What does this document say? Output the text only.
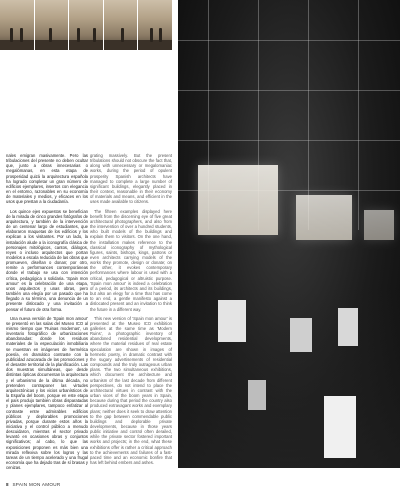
nales emigran masivamente. Pero las tribulaciones del presente no deben ocultar que, junto a obras innecesarias o megalómanas, en esta etapa de prosperidad quizá la arquitectura española ha logrado completar un gran número de edificios ejemplares, insertos con elegancia en el entorno, razonables en su economía de materiales y medios, y eficaces en los usos que prestan a la ciudadanía.

Los quince ejes expuestos se benefician de la mirada de cinco grandes fotógrafos de arquitectura, y también de la intervención de un centenar largo de estudiantes, que elaboraron maquetas de los edificios y los explican a los visitantes. Por un lado, la instalación alude a la iconografía clásica de personajes mitológicos, cantos, diálogos, reyes o incluso arquitectos que portan modelos a escala reducida de las obras que promueven, diseñan o donan; por otro, remite a performances contemporáneas donde el trabajo se usa con intención crítica, pedagógica o solidaria. 'Spain mon amour' es la celebración de una etapa, unos arquitectos y unas obras, pero también una elegía por un pasado que ha llegado a su término, una denuncia de un presente dislocado y una invitación a pensar el futuro de otra forma.

Una nueva versión de 'Spain mon amour' se presentó en las salas del Museo ICO al mismo tiempo que 'Ruinas modernas', un inventario fotográfico de urbanizaciones abandonadas: donde los residuos materiales de la especulación inmobiliaria se muestran en imágenes de hermética poesía, en dramático contraste con la publicidad azucarada de las promociones y el desastre territorial de la planificación. Las dos muestras simultáneas, que desde distintas ópticas documentan la arquitectura y el urbanismo de la última década, no pretenden contraponer las virtudes arquitectónicas y los vicios urbanísticos de la España del boom, porque en este etapa el país produjo también obras disparatadas y planes ejemplares, tampoco enfatizar al contraste entre admirables edificios públicos y deplorables promociones privadas, porque durante estos años la iniciativa y el control público a menudo descuidaron, mientras el sector privado levantó en ocasiones obras y conjuntos significativos; al cabo, lo que las exposiciones proponen es más bien una mirada reflexiva sobre los logros y las tareas de un tiempo acelerado y una frugal economía que ha dejado tras de sí brasas y cenizas.

grating massively. But the present tribulations should not obscure the fact that, along with unnecessary or megalomaniac works, during the period of opulent prosperity Spanish architects have managed to complete a large number of significant buildings, elegantly placed in their context, reasonable in their economy of materials and means, and efficient in the uses made available to citizens.

The fifteen examples displayed here benefit from the discerning eye of five great architectural photographers, and also from the intervention of over a hundred students, who built models of the buildings and explain them to visitors. On the one hand, the installation makes reference to the classical iconography of mythological figures, saints, bishops, kings, patrons or even architects carrying models of the works they promote, design or donate; on the other, it evokes contemporary performances where labour is used with a critical, pedagogical or altruistic purpose. 'Spain mon amour' is indeed a celebration of a period, its architects and its buildings, but also an elegy for a time that has come to an end, a gentle manifesto against a dislocated present and an invitation to think the future in a different way.

This new version of 'Spain mon amour' is presented at the Museo ICO exhibition galleries at the same time as 'Modern Ruins', a photographic inventory of abandoned residential developments, where the material residues of real estate speculation are shown in images of hermetic poetry, in dramatic contrast with the sugary advertisements of residential compounds and the truly outrageous urban plans. The two simultaneous exhibitions, which document the architecture and urbanism of the last decade from different perspectives, do not intend to place the architectural virtues in contrast with the urban vices of the boom years in Spain, because during that period the country also produced extravagant works and exemplary plans; neither does it seek to draw attention to the gap between commendable public buildings and deplorable private developments, because in those years public initiative and control often derailed, while the private sector fostered important works and projects; in the end, what these exhibitions offer is rather a critical approach to the achievements and failures of a fast-paced time and an economic bonfire that has left behind embers and ashes.

8 SPAIN MON AMOUR
